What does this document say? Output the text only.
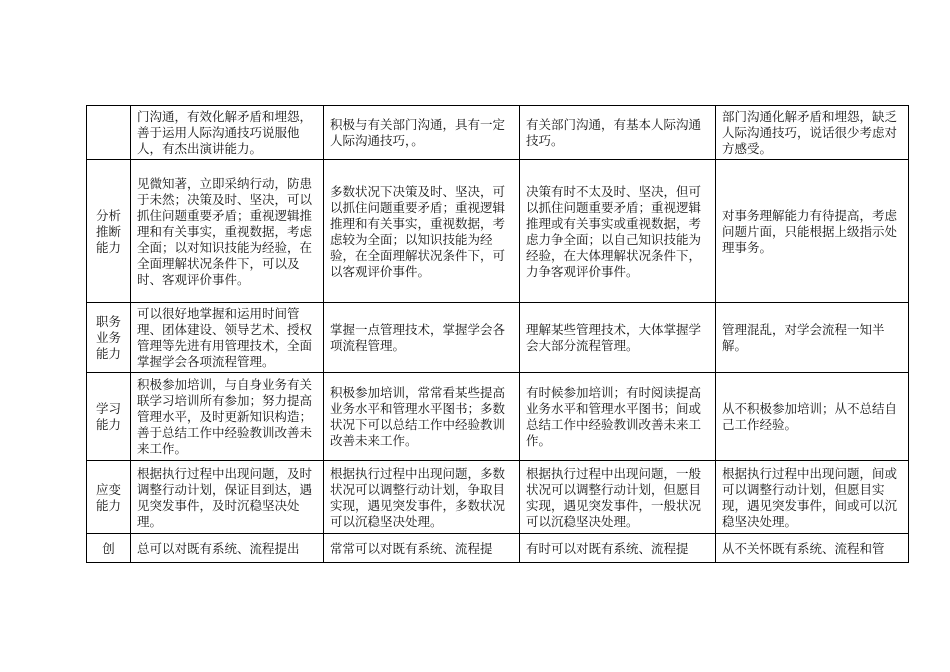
	门沟通，有效化解矛盾和埋怨，善于运用人际沟通技巧说服他人，有杰出演讲能力。	积极与有关部门沟通，具有一定人际沟通技巧，。	有关部门沟通，有基本人际沟通技巧。	部门沟通化解矛盾和埋怨，缺乏人际沟通技巧，说话很少考虑对方感受。
分析推断能力	见微知著，立即采纳行动，防患于未然；决策及时、坚决，可以抓住问题重要矛盾；重视逻辑推理和有关事实，重视数据，考虑全面；以对知识技能为经验，在全面理解状况条件下，可以及时、客观评价事件。	多数状况下决策及时、坚决，可以抓住问题重要矛盾；重视逻辑推理和有关事实，重视数据，考虑较为全面；以知识技能为经验，在全面理解状况条件下，可以客观评价事件。	决策有时不太及时、坚决，但可以抓住问题重要矛盾；重视逻辑推理或有关事实或重视数据，考虑力争全面；以自己知识技能为经验，在大体理解状况条件下，力争客观评价事件。	对事务理解能力有待提高，考虑问题片面，只能根据上级指示处理事务。
职务业务能力	可以很好地掌握和运用时间管理、团体建设、领导艺术、授权管理等先进有用管理技术，全面掌握学会各项流程管理。	掌握一点管理技术，掌握学会各项流程管理。	理解某些管理技术，大体掌握学会大部分流程管理。	管理混乱，对学会流程一知半解。
学习能力	积极参加培训，与自身业务有关联学习培训所有参加；努力提高管理水平，及时更新知识构造；善于总结工作中经验教训改善未来工作。	积极参加培训，常常看某些提高业务水平和管理水平图书；多数状况下可以总结工作中经验教训改善未来工作。	有时候参加培训；有时阅读提高业务水平和管理水平图书；间或总结工作中经验教训改善未来工作。	从不积极参加培训；从不总结自己工作经验。
应变能力	根据执行过程中出现问题，及时调整行动计划，保证目到达，遇见突发事件，及时沉稳坚决处理。	根据执行过程中出现问题，多数状况可以调整行动计划，争取目实现，遇见突发事件，多数状况可以沉稳坚决处理。	根据执行过程中出现问题，一般状况可以调整行动计划，但愿目实现，遇见突发事件，一般状况可以沉稳坚决处理。	根据执行过程中出现问题，间或可以调整行动计划，但愿目实现，遇见突发事件，间或可以沉稳坚决处理。
创	总可以对既有系统、流程提出	常常可以对既有系统、流程提	有时可以对既有系统、流程提	从不关怀既有系统、流程和管
